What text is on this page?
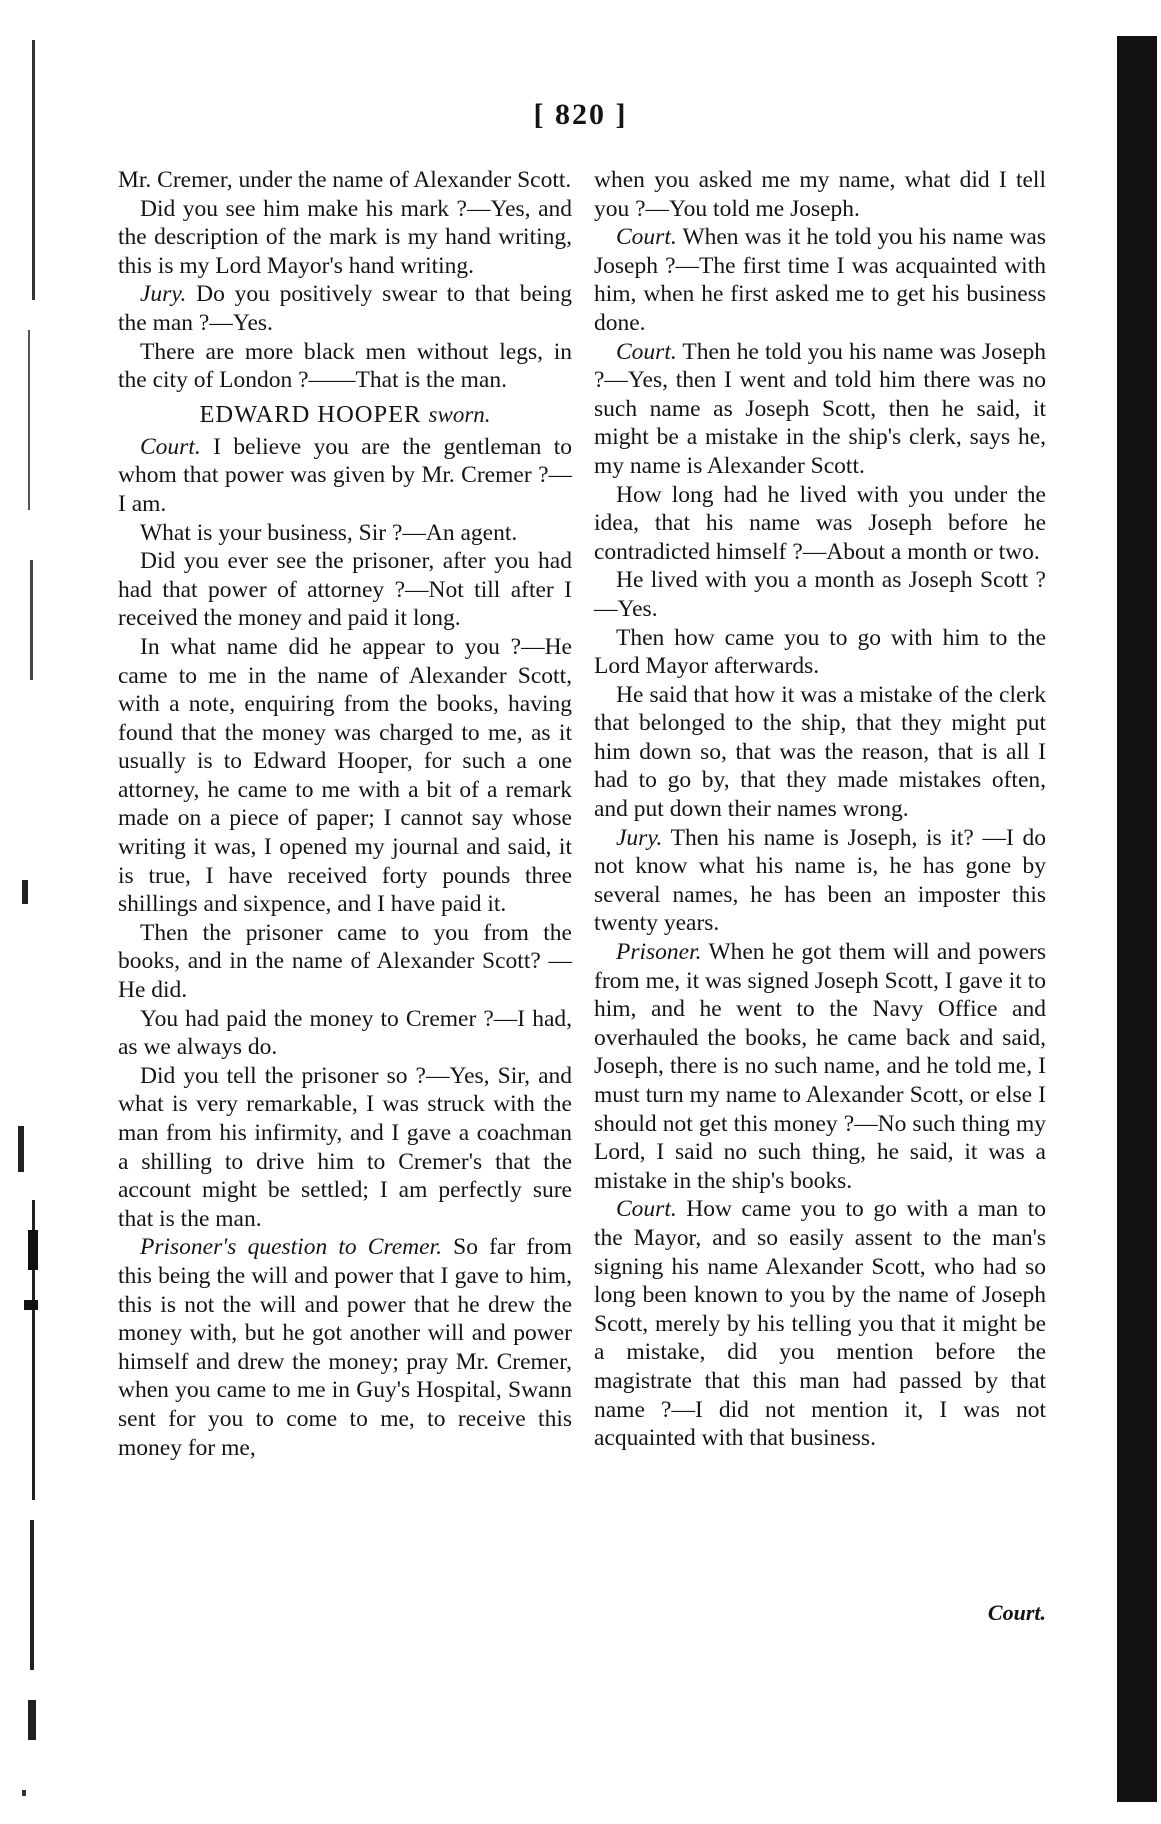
[ 820 ]

Mr. Cremer, under the name of Alexander Scott.

Did you see him make his mark ?—Yes, and the description of the mark is my hand writing, this is my Lord Mayor's hand writing.

Jury. Do you positively swear to that being the man ?—Yes.

There are more black men without legs, in the city of London ?——That is the man.

EDWARD HOOPER sworn.

Court. I believe you are the gentleman to whom that power was given by Mr. Cremer ?—I am.

What is your business, Sir ?—An agent.

Did you ever see the prisoner, after you had had that power of attorney ?—Not till after I received the money and paid it long.

In what name did he appear to you ?—He came to me in the name of Alexander Scott, with a note, enquiring from the books, having found that the money was charged to me, as it usually is to Edward Hooper, for such a one attorney, he came to me with a bit of a remark made on a piece of paper; I cannot say whose writing it was, I opened my journal and said, it is true, I have received forty pounds three shillings and sixpence, and I have paid it.

Then the prisoner came to you from the books, and in the name of Alexander Scott? —He did.

You had paid the money to Cremer ?—I had, as we always do.

Did you tell the prisoner so ?—Yes, Sir, and what is very remarkable, I was struck with the man from his infirmity, and I gave a coachman a shilling to drive him to Cremer's that the account might be settled; I am perfectly sure that is the man.

Prisoner's question to Cremer. So far from this being the will and power that I gave to him, this is not the will and power that he drew the money with, but he got another will and power himself and drew the money; pray Mr. Cremer, when you came to me in Guy's Hospital, Swann sent for you to come to me, to receive this money for me,

when you asked me my name, what did I tell you ?—You told me Joseph.

Court. When was it he told you his name was Joseph ?—The first time I was acquainted with him, when he first asked me to get his business done.

Court. Then he told you his name was Joseph ?—Yes, then I went and told him there was no such name as Joseph Scott, then he said, it might be a mistake in the ship's clerk, says he, my name is Alexander Scott.

How long had he lived with you under the idea, that his name was Joseph before he contradicted himself ?—About a month or two.

He lived with you a month as Joseph Scott ?—Yes.

Then how came you to go with him to the Lord Mayor afterwards.

He said that how it was a mistake of the clerk that belonged to the ship, that they might put him down so, that was the reason, that is all I had to go by, that they made mistakes often, and put down their names wrong.

Jury. Then his name is Joseph, is it? —I do not know what his name is, he has gone by several names, he has been an imposter this twenty years.

Prisoner. When he got them will and powers from me, it was signed Joseph Scott, I gave it to him, and he went to the Navy Office and overhauled the books, he came back and said, Joseph, there is no such name, and he told me, I must turn my name to Alexander Scott, or else I should not get this money ?—No such thing my Lord, I said no such thing, he said, it was a mistake in the ship's books.

Court. How came you to go with a man to the Mayor, and so easily assent to the man's signing his name Alexander Scott, who had so long been known to you by the name of Joseph Scott, merely by his telling you that it might be a mistake, did you mention before the magistrate that this man had passed by that name ?—I did not mention it, I was not acquainted with that business.

Court.
